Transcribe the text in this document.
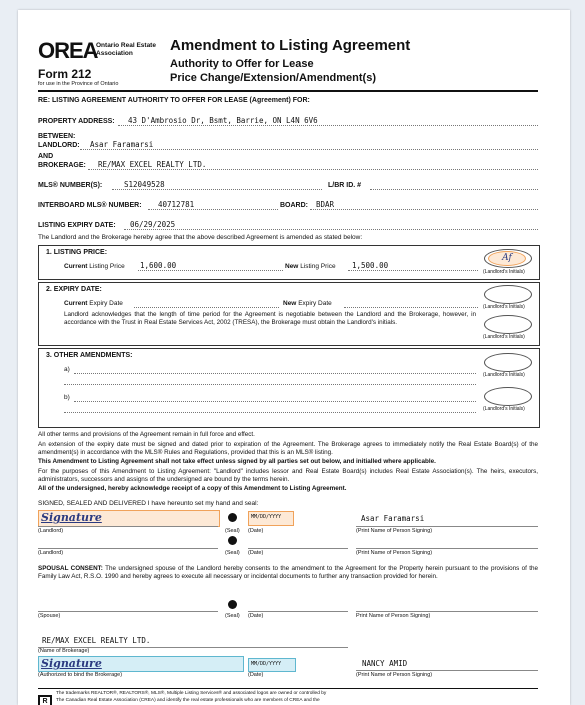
OREA
Ontario Real Estate Association
Form 212
for use in the Province of Ontario
Amendment to Listing Agreement
Authority to Offer for Lease
Price Change/Extension/Amendment(s)
RE: LISTING AGREEMENT AUTHORITY TO OFFER FOR LEASE (Agreement) FOR:
PROPERTY ADDRESS: 43 D'Ambrosio Dr, Bsmt, Barrie, ON L4N 6V6
BETWEEN:
LANDLORD: Asar Faramarsi
AND
BROKERAGE: RE/MAX EXCEL REALTY LTD.
MLS® NUMBER(S):	S12049528	L/BR ID. #
INTERBOARD MLS® NUMBER: 40712781	BOARD: BDAR
LISTING EXPIRY DATE: 06/29/2025
The Landlord and the Brokerage hereby agree that the above described Agreement is amended as stated below:
1. LISTING PRICE:
Current Listing Price 1,600.00	New Listing Price 1,500.00
Af
(Landlord's Initials)
2. EXPIRY DATE:
Current Expiry Date	New Expiry Date
Landlord acknowledges that the length of time period for the Agreement is negotiable between the Landlord and the Brokerage, however, in accordance with the Trust in Real Estate Services Act, 2002 (TRESA), the Brokerage must obtain the Landlord's initials.
(Landlord's Initials)
(Landlord's Initials)
3. OTHER AMENDMENTS:
a)
b)
(Landlord's Initials)
(Landlord's Initials)
All other terms and provisions of the Agreement remain in full force and effect.
An extension of the expiry date must be signed and dated prior to expiration of the Agreement. The Brokerage agrees to immediately notify the Real Estate Board(s) of the amendment(s) in accordance with the MLS® Rules and Regulations, provided that this is an MLS® listing.
This Amendment to Listing Agreement shall not take effect unless signed by all parties set out below, and initialled where applicable.
For the purposes of this Amendment to Listing Agreement: "Landlord" includes lessor and Real Estate Board(s) includes Real Estate Association(s). The heirs, executors, administrators, successors and assigns of the undersigned are bound by the terms herein.
All of the undersigned, hereby acknowledge receipt of a copy of this Amendment to Listing Agreement.
SIGNED, SEALED AND DELIVERED I have hereunto set my hand and seal:
Signature
(Landlord)	(Seal)
MM/DD/YYYY
(Date)
Asar Faramarsi
(Print Name of Person Signing)
(Landlord)	(Seal) (Date)	(Print Name of Person Signing)
SPOUSAL CONSENT: The undersigned spouse of the Landlord hereby consents to the amendment to the Agreement for the Property herein pursuant to the provisions of the Family Law Act, R.S.O. 1990 and hereby agrees to execute all necessary or incidental documents to further any transaction provided for herein.
(Spouse)	(Seal) (Date)	Print Name of Person Signing)
RE/MAX EXCEL REALTY LTD.
(Name of Brokerage)
Signature
(Authorized to bind the Brokerage)
MM/DD/YYYY
(Date)
NANCY AMID
(Print Name of Person Signing)
R
The trademarks REALTOR®, REALTORS®, MLS®, Multiple Listing Services® and associated logos are owned or controlled by
The Canadian Real Estate Association (CREA) and identify the real estate professionals who are members of CREA and the
